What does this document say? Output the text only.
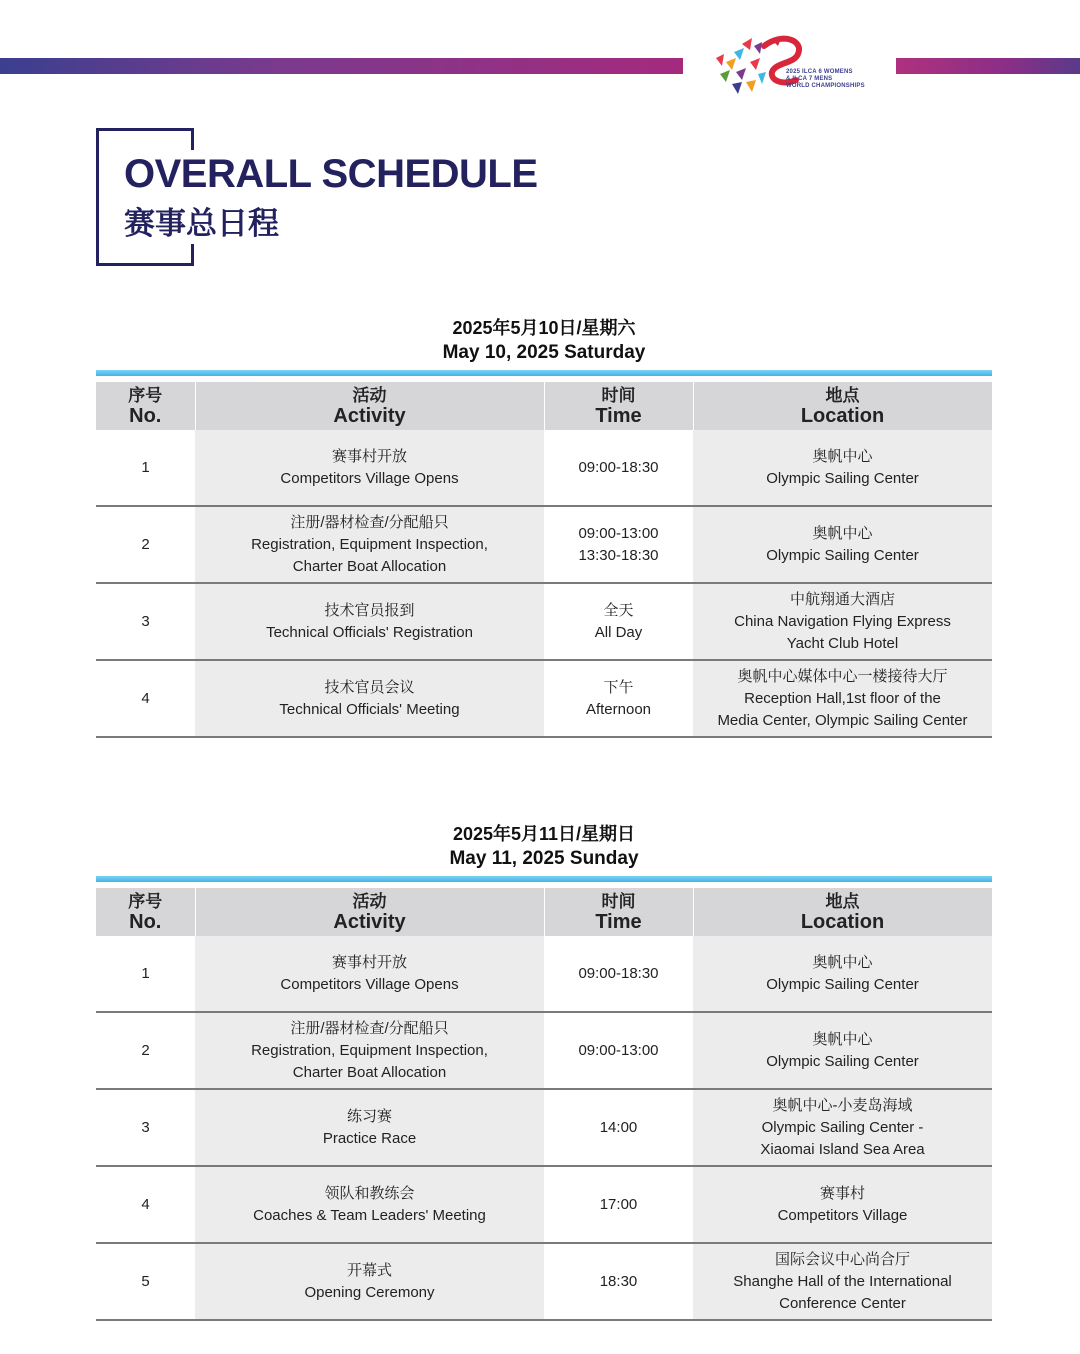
2025 ILCA 6 WOMENS
& ILCA 7 MENS
WORLD CHAMPIONSHIPS
OVERALL SCHEDULE
赛事总日程
2025年5月10日/星期六
May 10, 2025 Saturday
序号
No.	活动
Activity	时间
Time	地点
Location

1	赛事村开放
Competitors Village Opens	09:00-18:30	奥帆中心
Olympic Sailing Center

2	注册/器材检查/分配船只
Registration, Equipment Inspection,
Charter Boat Allocation	09:00-13:00
13:30-18:30	奥帆中心
Olympic Sailing Center

3	技术官员报到
Technical Officials' Registration	全天
All Day	中航翔通大酒店
China Navigation Flying Express
Yacht Club Hotel

4	技术官员会议
Technical Officials' Meeting	下午
Afternoon	奥帆中心媒体中心一楼接待大厅
Reception Hall,1st floor of the
Media Center, Olympic Sailing Center
2025年5月11日/星期日
May 11, 2025 Sunday
序号
No.	活动
Activity	时间
Time	地点
Location

1	赛事村开放
Competitors Village Opens	09:00-18:30	奥帆中心
Olympic Sailing Center

2	注册/器材检查/分配船只
Registration, Equipment Inspection,
Charter Boat Allocation	09:00-13:00	奥帆中心
Olympic Sailing Center

3	练习赛
Practice Race	14:00	奥帆中心-小麦岛海域
Olympic Sailing Center -
Xiaomai Island Sea Area

4	领队和教练会
Coaches & Team Leaders' Meeting	17:00	赛事村
Competitors Village

5	开幕式
Opening Ceremony	18:30	国际会议中心尚合厅
Shanghe Hall of the International
Conference Center
